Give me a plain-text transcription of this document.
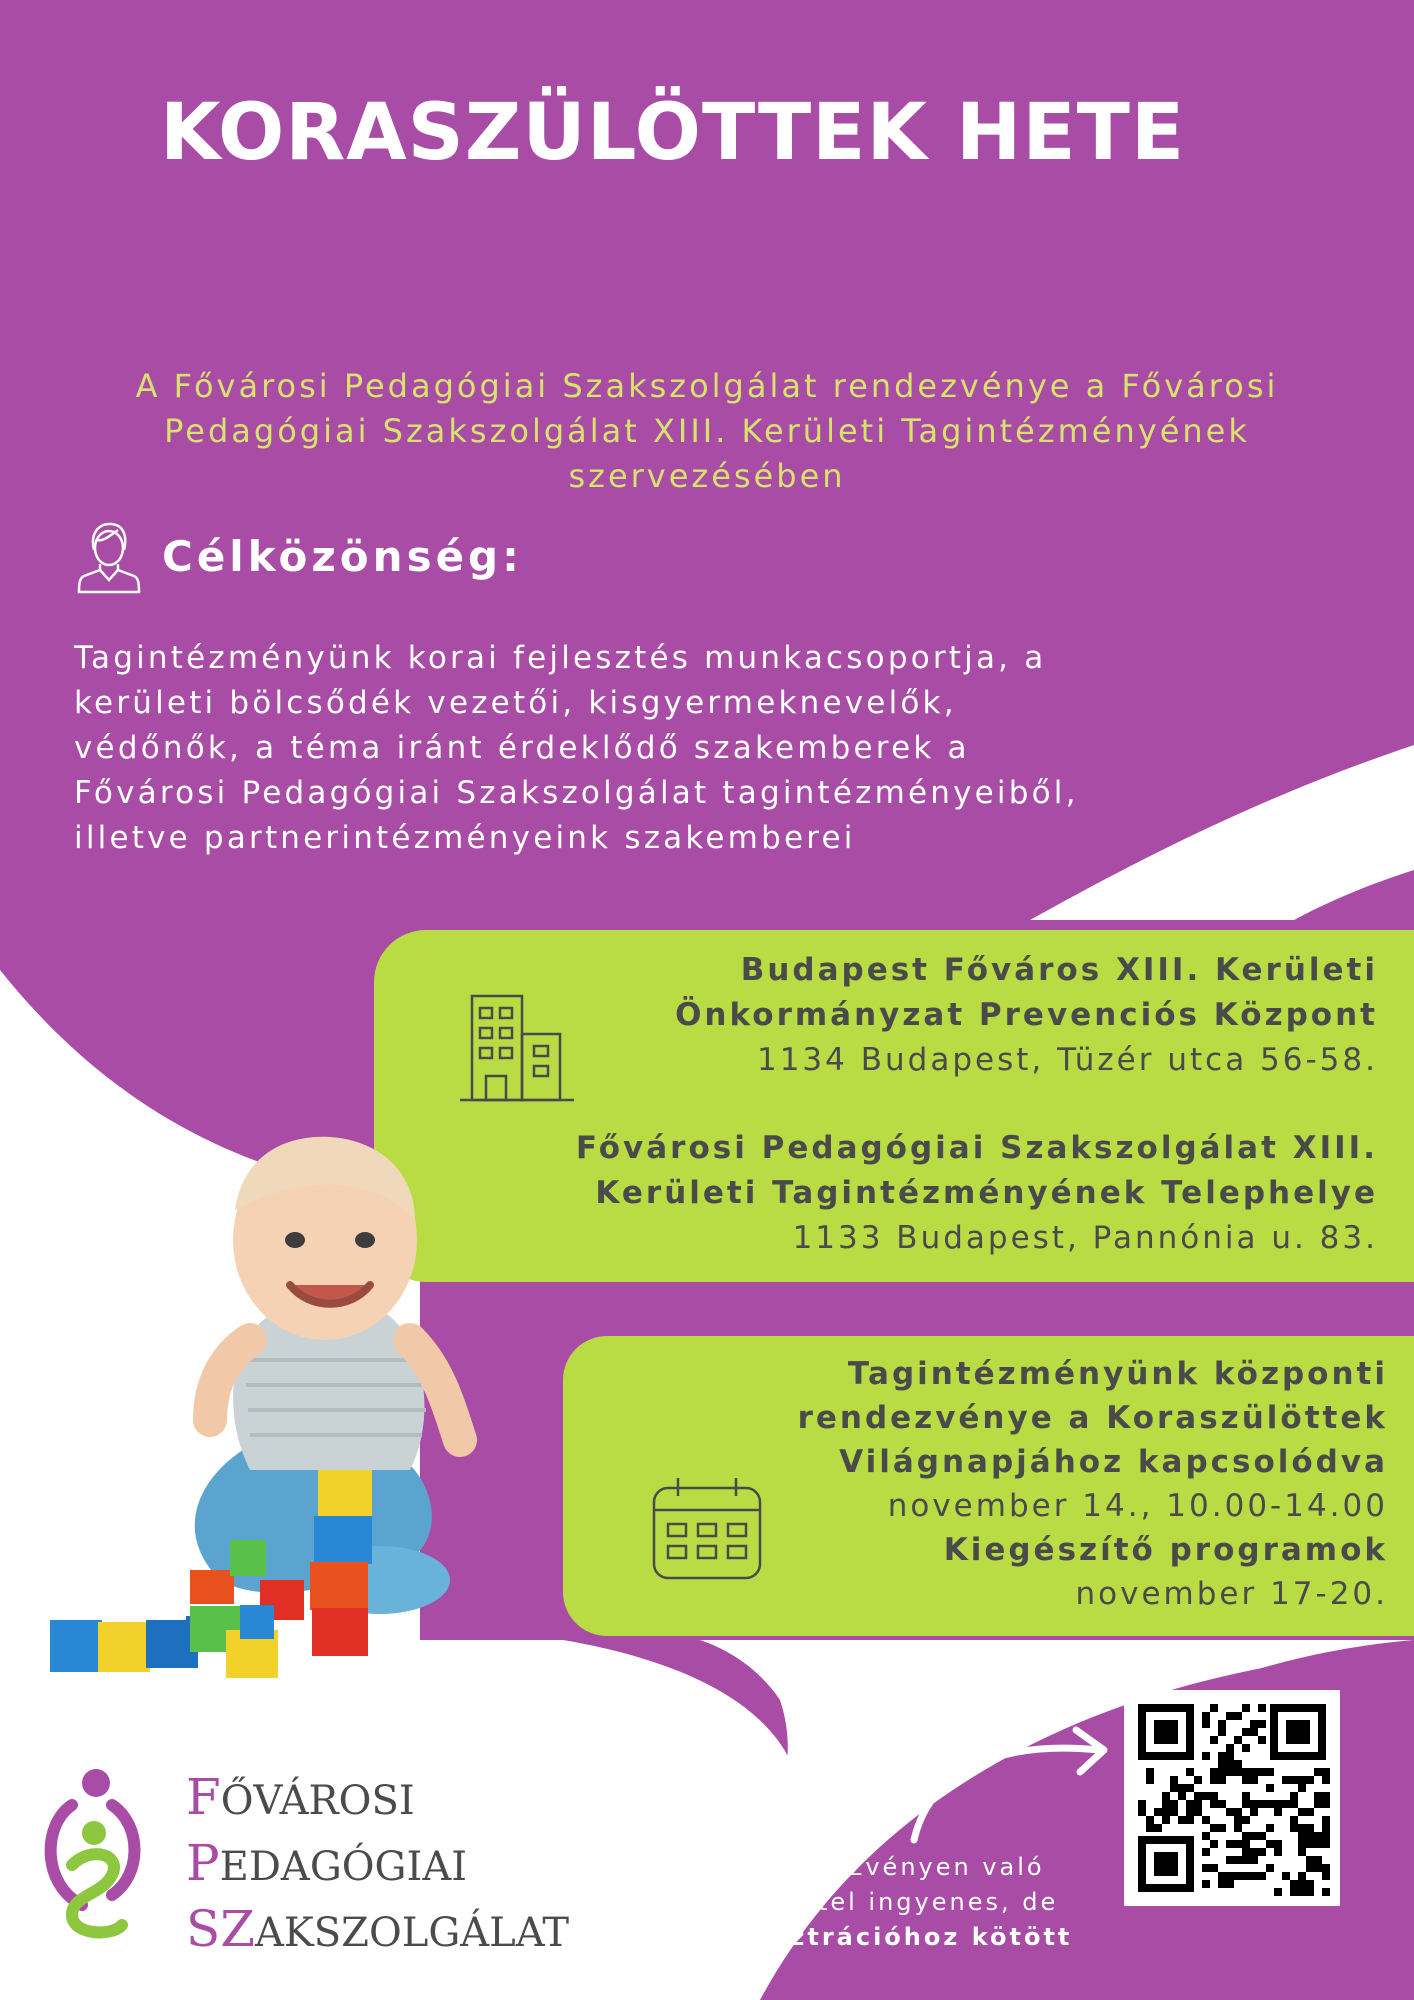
KORASZÜLÖTTEK HETE
A Fővárosi Pedagógiai Szakszolgálat rendezvénye a Fővárosi Pedagógiai Szakszolgálat XIII. Kerületi Tagintézményének szervezésében
Célközönség:
Tagintézményünk korai fejlesztés munkacsoportja, a
kerületi bölcsődék vezetői, kisgyermeknevelők,
védőnők, a téma iránt érdeklődő szakemberek a
Fővárosi Pedagógiai Szakszolgálat tagintézményeiből,
illetve partnerintézményeink szakemberei
Budapest Főváros XIII. Kerületi
Önkormányzat Prevenciós Központ
1134 Budapest, Tüzér utca 56-58.
Fővárosi Pedagógiai Szakszolgálat XIII.
Kerületi Tagintézményének Telephelye
1133 Budapest, Pannónia u. 83.
Tagintézményünk központi
rendezvénye a Koraszülöttek
Világnapjához kapcsolódva
november 14., 10.00-14.00
Kiegészítő programok
november 17-20.
FŐVÁROSI
PEDAGÓGIAI
SZAKSZOLGÁLAT
A rendezvényen való
részvétel ingyenes, de
regisztrációhoz kötött
